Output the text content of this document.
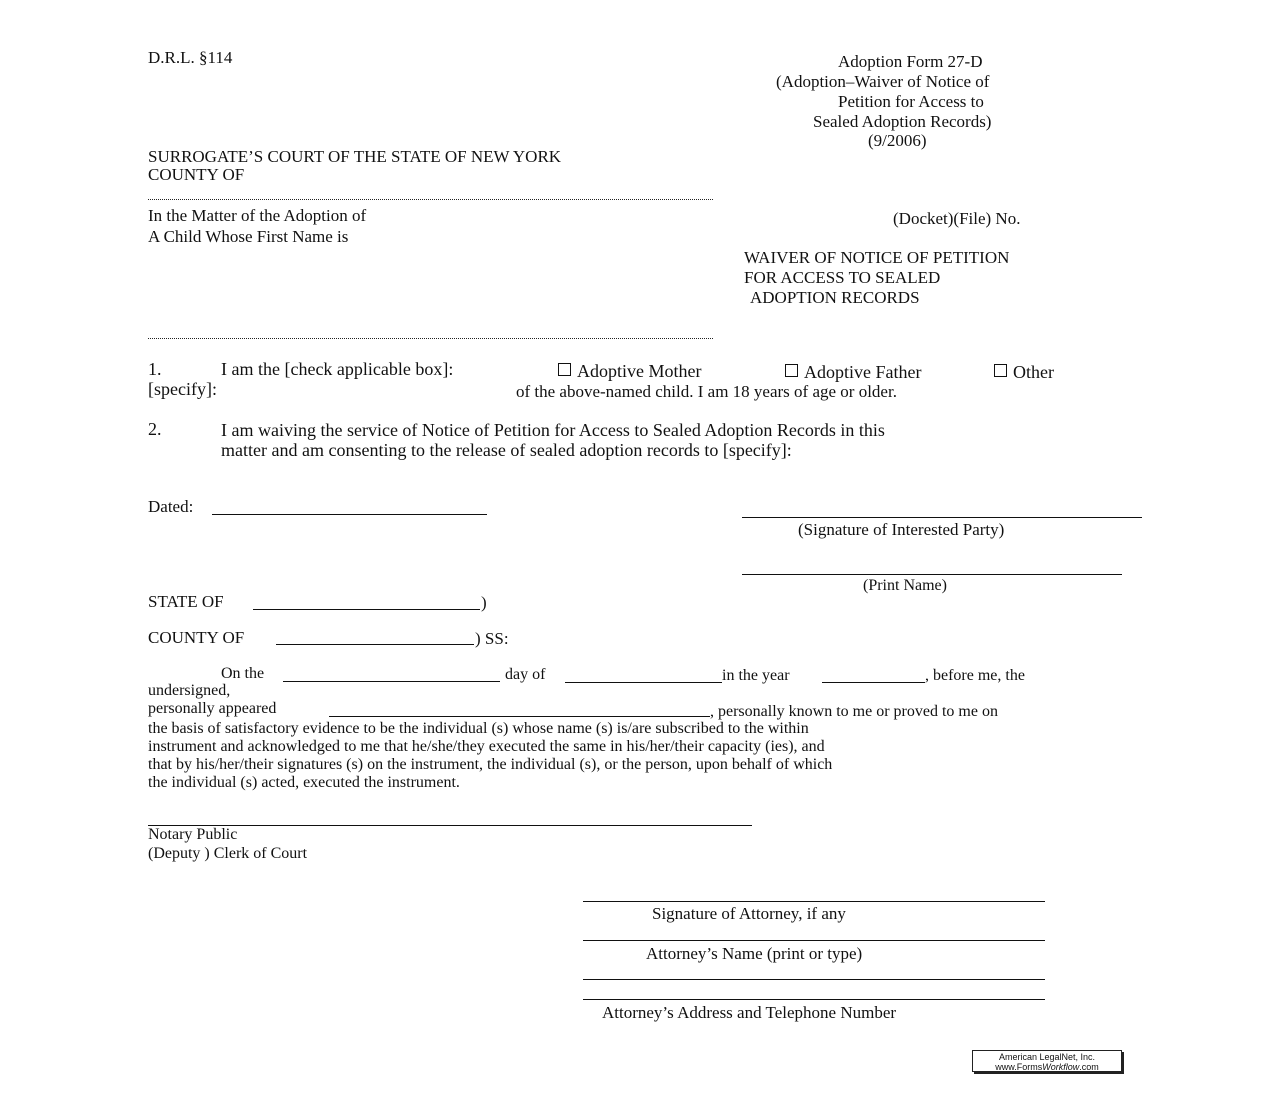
D.R.L. §114	Adoption Form 27-D
(Adoption–Waiver of Notice of
Petition for Access to
Sealed Adoption Records)
(9/2006)
SURROGATE’S COURT OF THE STATE OF NEW YORK
COUNTY OF
In the Matter of the Adoption of
A Child Whose First Name is
(Docket)(File) No.
WAIVER OF NOTICE OF PETITION
FOR ACCESS TO SEALED
ADOPTION RECORDS
1.	I am the [check applicable box]:	Adoptive Mother	Adoptive Father	Other
[specify]:	of the above-named child. I am 18 years of age or older.
2.	I am waiving the service of Notice of Petition for Access to Sealed Adoption Records in this
matter and am consenting to the release of sealed adoption records to [specify]:
Dated:
(Signature of Interested Party)
(Print Name)
STATE OF	)
COUNTY OF	) SS:
On the	day of	in the year	, before me, the
undersigned,
personally appeared	, personally known to me or proved to me on
the basis of satisfactory evidence to be the individual (s) whose name (s) is/are subscribed to the within
instrument and acknowledged to me that he/she/they executed the same in his/her/their capacity (ies), and
that by his/her/their signatures (s) on the instrument, the individual (s), or the person, upon behalf of which
the individual (s) acted, executed the instrument.
Notary Public
(Deputy ) Clerk of Court
Signature of Attorney, if any
Attorney’s Name (print or type)
Attorney’s Address and Telephone Number
American LegalNet, Inc.
www.FormsWorkflow.com
